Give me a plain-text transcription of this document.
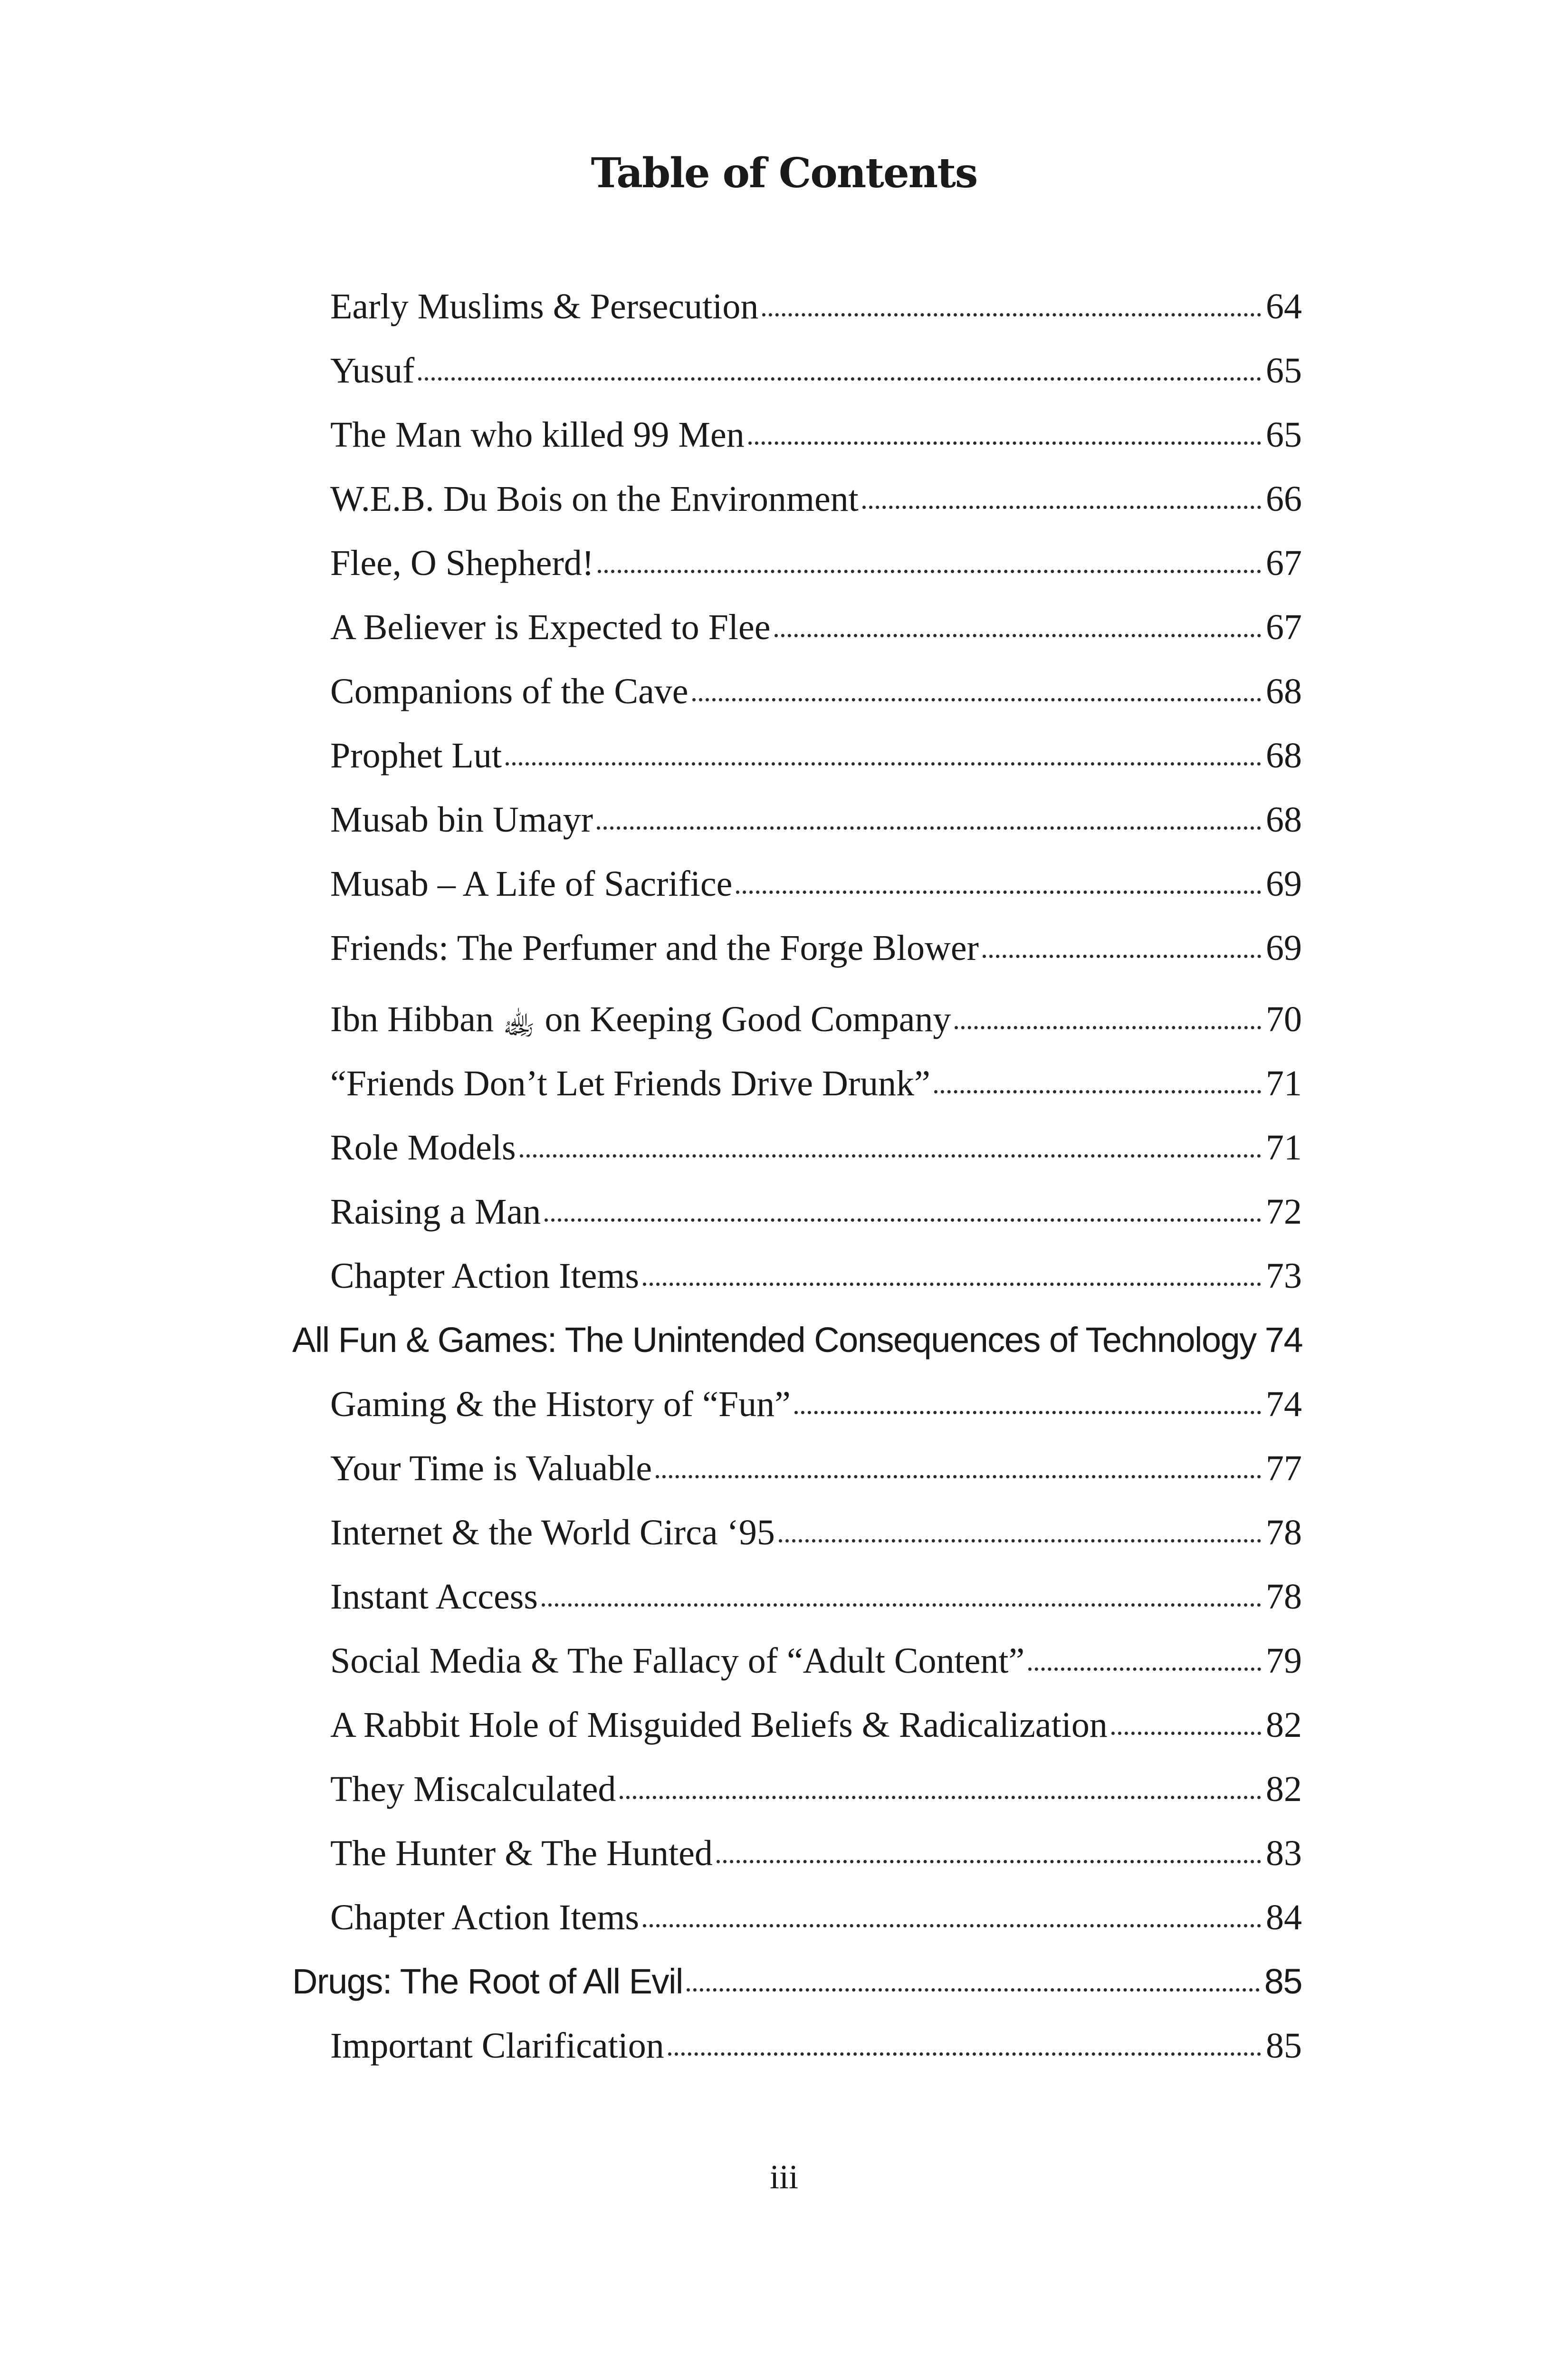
Table of Contents
Early Muslims & Persecution	64
Yusuf	65
The Man who killed 99 Men	65
W.E.B. Du Bois on the Environment	66
Flee, O Shepherd!	67
A Believer is Expected to Flee	67
Companions of the Cave	68
Prophet Lut	68
Musab bin Umayr	68
Musab – A Life of Sacrifice	69
Friends: The Perfumer and the Forge Blower	69
Ibn Hibban ﵀ on Keeping Good Company	70
“Friends Don’t Let Friends Drive Drunk”	71
Role Models	71
Raising a Man	72
Chapter Action Items	73
All Fun & Games: The Unintended Consequences of Technology 74
Gaming & the History of “Fun”	74
Your Time is Valuable	77
Internet & the World Circa ‘95	78
Instant Access	78
Social Media & The Fallacy of “Adult Content”	79
A Rabbit Hole of Misguided Beliefs & Radicalization	82
They Miscalculated	82
The Hunter & The Hunted	83
Chapter Action Items	84
Drugs: The Root of All Evil	85
Important Clarification	85

iii
